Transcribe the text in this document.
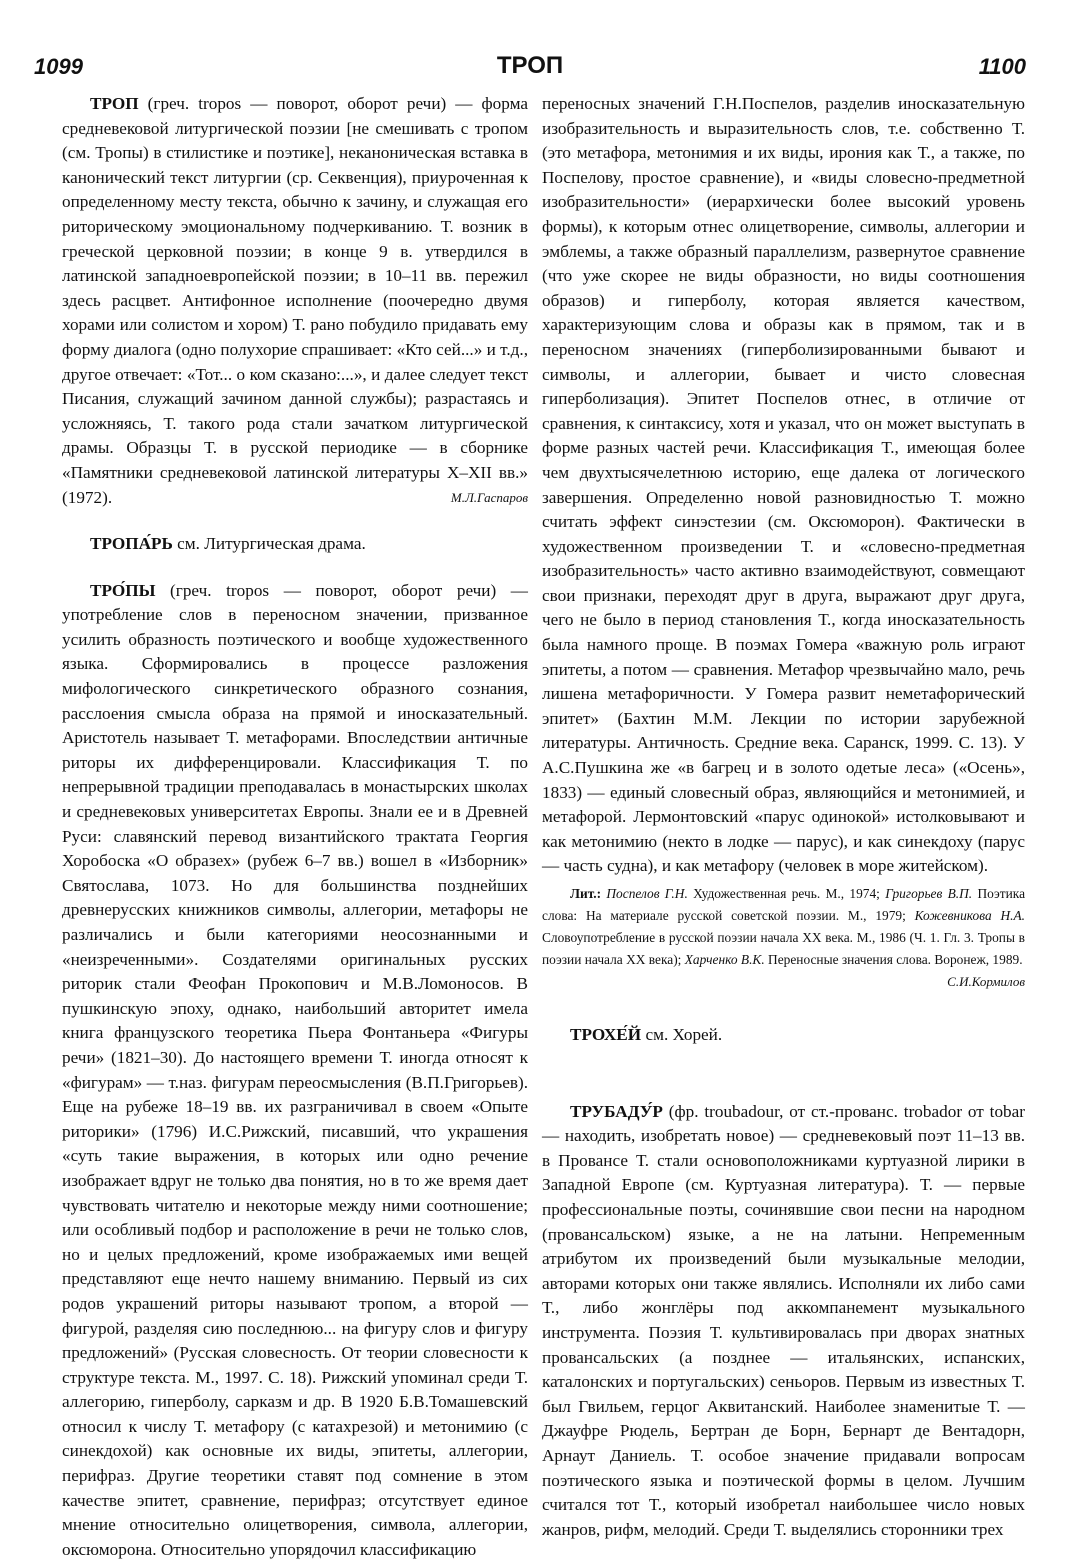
1099	ТРОП	1100

ТРОП (греч. tropos — поворот, оборот речи) — форма средневековой литургической поэзии [не смешивать с тропом (см. Тропы) в стилистике и поэтике], неканоническая вставка в канонический текст литургии (ср. Секвенция), приуроченная к определенному месту текста, обычно к зачину, и служащая его риторическому эмоциональному подчеркиванию. Т. возник в греческой церковной поэзии; в конце 9 в. утвердился в латинской западноевропейской поэзии; в 10–11 вв. пережил здесь расцвет. Антифонное исполнение (поочередно двумя хорами или солистом и хором) Т. рано побудило придавать ему форму диалога (одно полухорие спрашивает: «Кто сей...» и т.д., другое отвечает: «Тот... о ком сказано:...», и далее следует текст Писания, служащий зачином данной службы); разрастаясь и усложняясь, Т. такого рода стали зачатком литургической драмы. Образцы Т. в русской периодике — в сборнике «Памятники средневековой латинской литературы X–XII вв.» (1972).	М.Л.Гаспаров

ТРОПА́РЬ см. Литургическая драма.

ТРО́ПЫ (греч. tropos — поворот, оборот речи) — употребление слов в переносном значении, призванное усилить образность поэтического и вообще художественного языка. Сформировались в процессе разложения мифологического синкретического образного сознания, расслоения смысла образа на прямой и иносказательный. Аристотель называет Т. метафорами. Впоследствии античные риторы их дифференцировали. Классификация Т. по непрерывной традиции преподавалась в монастырских школах и средневековых университетах Европы. Знали ее и в Древней Руси: славянский перевод византийского трактата Георгия Хоробоска «О образех» (рубеж 6–7 вв.) вошел в «Изборник» Святослава, 1073. Но для большинства позднейших древнерусских книжников символы, аллегории, метафоры не различались и были категориями неосознанными и «неизреченными». Создателями оригинальных русских риторик стали Феофан Прокопович и М.В.Ломоносов. В пушкинскую эпоху, однако, наибольший авторитет имела книга французского теоретика Пьера Фонтаньера «Фигуры речи» (1821–30). До настоящего времени Т. иногда относят к «фигурам» — т.наз. фигурам переосмысления (В.П.Григорьев). Еще на рубеже 18–19 вв. их разграничивал в своем «Опыте риторики» (1796) И.С.Рижский, писавший, что украшения «суть такие выражения, в которых или одно речение изображает вдруг не только два понятия, но в то же время дает чувствовать читателю и некоторые между ними соотношение; или особливый подбор и расположение в речи не только слов, но и целых предложений, кроме изображаемых ими вещей представляют еще нечто нашему вниманию. Первый из сих родов украшений риторы называют тропом, а второй — фигурой, разделяя сию последнюю... на фигуру слов и фигуру предложений» (Русская словесность. От теории словесности к структуре текста. М., 1997. С. 18). Рижский упоминал среди Т. аллегорию, гиперболу, сарказм и др. В 1920 Б.В.Томашевский относил к числу Т. метафору (с катахрезой) и метонимию (с синекдохой) как основные их виды, эпитеты, аллегории, перифраз. Другие теоретики ставят под сомнение в этом качестве эпитет, сравнение, перифраз; отсутствует единое мнение относительно олицетворения, символа, аллегории, оксюморона. Относительно упорядочил классификацию

переносных значений Г.Н.Поспелов, разделив иносказательную изобразительность и выразительность слов, т.е. собственно Т. (это метафора, метонимия и их виды, ирония как Т., а также, по Поспелову, простое сравнение), и «виды словесно-предметной изобразительности» (иерархически более высокий уровень формы), к которым отнес олицетворение, символы, аллегории и эмблемы, а также образный параллелизм, развернутое сравнение (что уже скорее не виды образности, но виды соотношения образов) и гиперболу, которая является качеством, характеризующим слова и образы как в прямом, так и в переносном значениях (гиперболизированными бывают и символы, и аллегории, бывает и чисто словесная гиперболизация). Эпитет Поспелов отнес, в отличие от сравнения, к синтаксису, хотя и указал, что он может выступать в форме разных частей речи. Классификация Т., имеющая более чем двухтысячелетнюю историю, еще далека от логического завершения. Определенно новой разновидностью Т. можно считать эффект синэстезии (см. Оксюморон). Фактически в художественном произведении Т. и «словесно-предметная изобразительность» часто активно взаимодействуют, совмещают свои признаки, переходят друг в друга, выражают друг друга, чего не было в период становления Т., когда иносказательность была намного проще. В поэмах Гомера «важную роль играют эпитеты, а потом — сравнения. Метафор чрезвычайно мало, речь лишена метафоричности. У Гомера развит неметафорический эпитет» (Бахтин М.М. Лекции по истории зарубежной литературы. Античность. Средние века. Саранск, 1999. С. 13). У А.С.Пушкина же «в багрец и в золото одетые леса» («Осень», 1833) — единый словесный образ, являющийся и метонимией, и метафорой. Лермонтовский «парус одинокой» истолковывают и как метонимию (некто в лодке — парус), и как синекдоху (парус — часть судна), и как метафору (человек в море житейском).

Лит.: Поспелов Г.Н. Художественная речь. М., 1974; Григорьев В.П. Поэтика слова: На материале русской советской поэзии. М., 1979; Кожевникова Н.А. Словоупотребление в русской поэзии начала XX века. М., 1986 (Ч. 1. Гл. 3. Тропы в поэзии начала XX века); Харченко В.К. Переносные значения слова. Воронеж, 1989.
С.И.Кормилов

ТРОХЕ́Й см. Хорей.

ТРУБАДУ́Р (фр. troubadour, от ст.-прованс. trobador от tobar — находить, изобретать новое) — средневековый поэт 11–13 вв. в Провансе Т. стали основоположниками куртуазной лирики в Западной Европе (см. Куртуазная литература). Т. — первые профессиональные поэты, сочинявшие свои песни на народном (провансальском) языке, а не на латыни. Непременным атрибутом их произведений были музыкальные мелодии, авторами которых они также являлись. Исполняли их либо сами Т., либо жонглёры под аккомпанемент музыкального инструмента. Поэзия Т. культивировалась при дворах знатных провансальских (а позднее — итальянских, испанских, каталонских и португальских) сеньоров. Первым из известных Т. был Гвильем, герцог Аквитанский. Наиболее знаменитые Т. — Джауфре Рюдель, Бертран де Борн, Бернарт де Вентадорн, Арнаут Даниель. Т. особое значение придавали вопросам поэтического языка и поэтической формы в целом. Лучшим считался тот Т., который изобретал наибольшее число новых жанров, рифм, мелодий. Среди Т. выделялись сторонники трех
